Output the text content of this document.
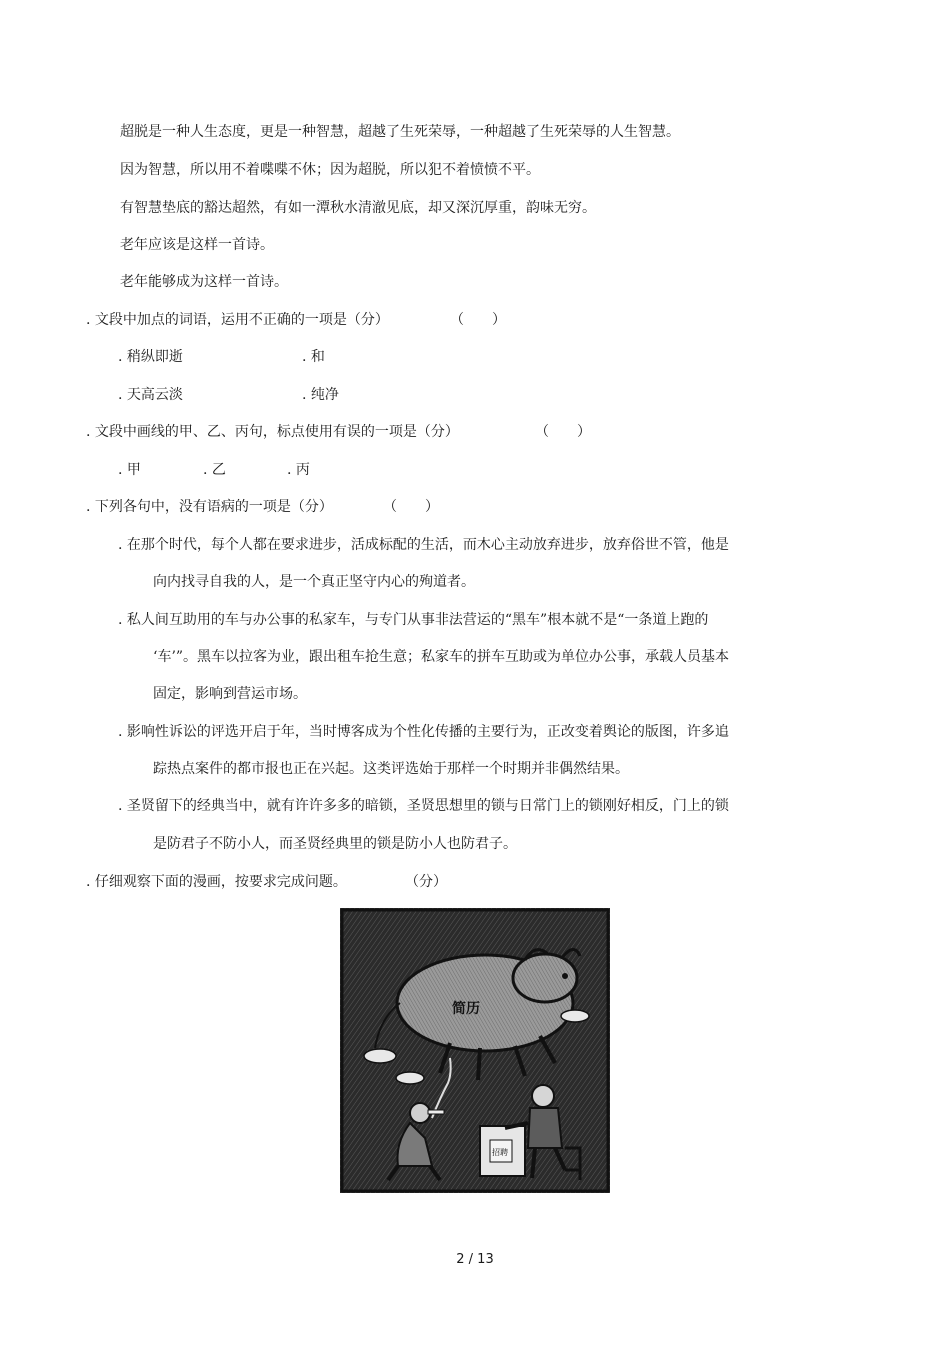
超脱是一种人生态度，更是一种智慧，超越了生死荣辱，一种超越了生死荣辱的人生智慧。
因为智慧，所以用不着喋喋不休；因为超脱，所以犯不着愤愤不平。
有智慧垫底的豁达超然，有如一潭秋水清澈见底，却又深沉厚重，韵味无穷。
老年应该是这样一首诗。
老年能够成为这样一首诗。
. 文段中加点的词语，运用不正确的一项是（分）	（　　）
. 稍纵即逝	. 和
. 天高云淡	. 纯净
. 文段中画线的甲、乙、丙句，标点使用有误的一项是（分）	（　　）
. 甲	. 乙	. 丙
. 下列各句中，没有语病的一项是（分）	（　　）
. 在那个时代，每个人都在要求进步，活成标配的生活，而木心主动放弃进步，放弃俗世不管，他是
向内找寻自我的人，是一个真正坚守内心的殉道者。
. 私人间互助用的车与办公事的私家车，与专门从事非法营运的“黑车”根本就不是“一条道上跑的
‘车’”。黑车以拉客为业，跟出租车抢生意；私家车的拼车互助或为单位办公事，承载人员基本
固定，影响到营运市场。
. 影响性诉讼的评选开启于年，当时博客成为个性化传播的主要行为，正改变着舆论的版图，许多追
踪热点案件的都市报也正在兴起。这类评选始于那样一个时期并非偶然结果。
. 圣贤留下的经典当中，就有许许多多的暗锁，圣贤思想里的锁与日常门上的锁刚好相反，门上的锁
是防君子不防小人，而圣贤经典里的锁是防小人也防君子。
. 仔细观察下面的漫画，按要求完成问题。	（分）
简历
招聘
2 / 13
